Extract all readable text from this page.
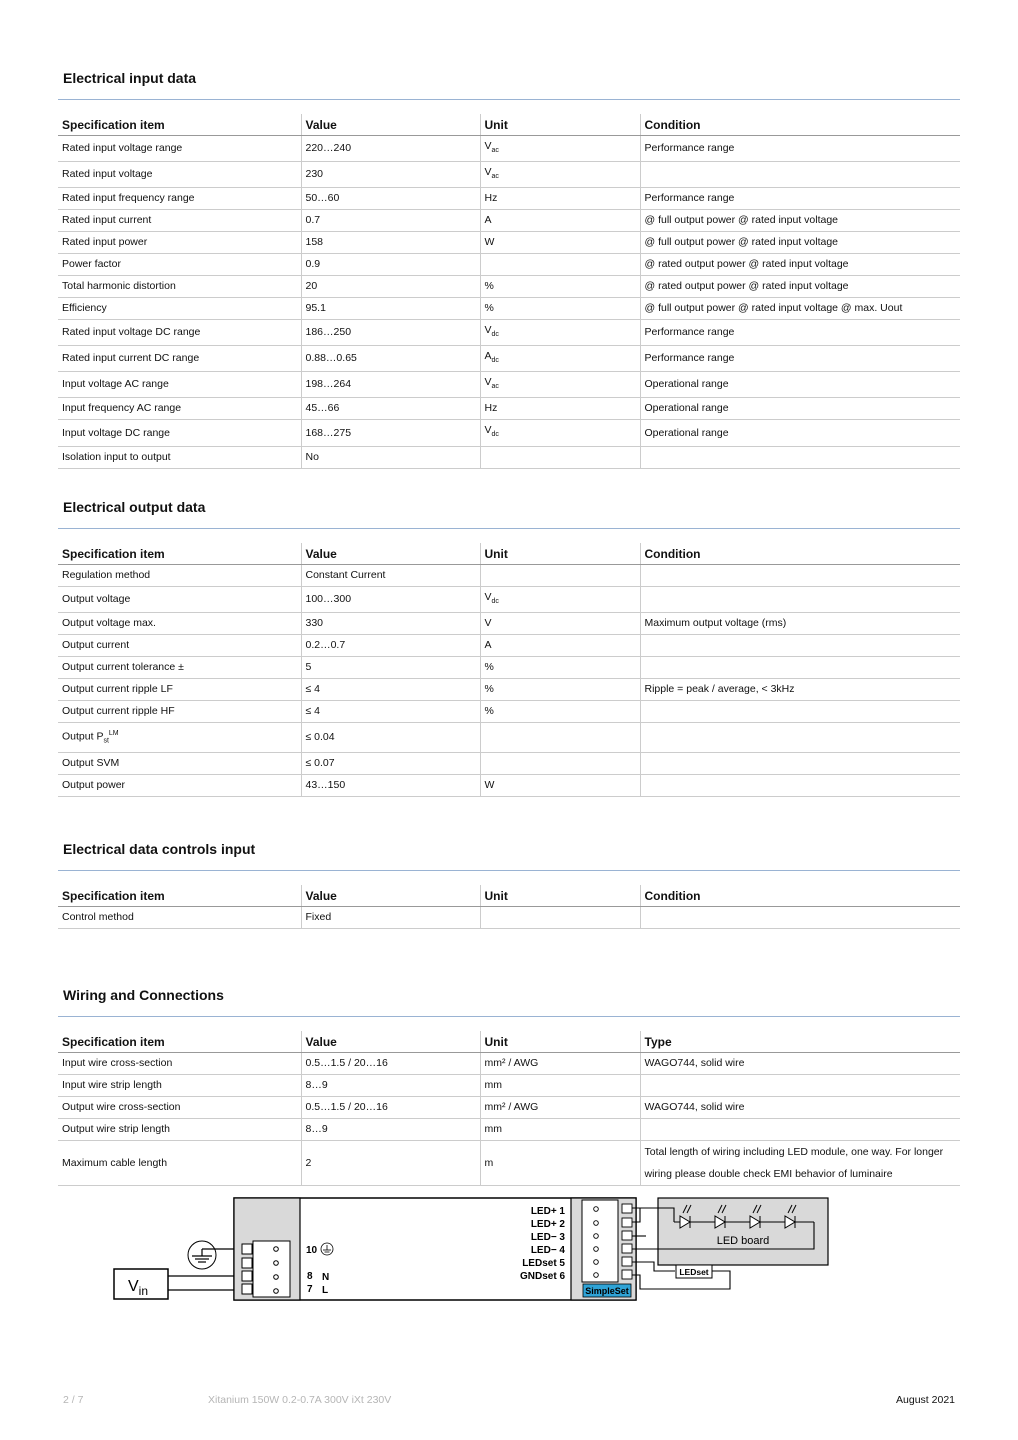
Electrical input data
Specification item	Value	Unit	Condition
Rated input voltage range	220…240	$V_{ac}$	Performance range
Rated input voltage	230	$V_{ac}$	
Rated input frequency range	50…60	Hz	Performance range
Rated input current	0.7	A	@ full output power @ rated input voltage
Rated input power	158	W	@ full output power @ rated input voltage
Power factor	0.9		@ rated output power @ rated input voltage
Total harmonic distortion	20	%	@ rated output power @ rated input voltage
Efficiency	95.1	%	@ full output power @ rated input voltage @ max. Uout
Rated input voltage DC range	186…250	$V_{dc}$	Performance range
Rated input current DC range	0.88…0.65	$A_{dc}$	Performance range
Input voltage AC range	198…264	$V_{ac}$	Operational range
Input frequency AC range	45…66	Hz	Operational range
Input voltage DC range	168…275	$V_{dc}$	Operational range
Isolation input to output	No		
Electrical output data
Specification item	Value	Unit	Condition
Regulation method	Constant Current		
Output voltage	100…300	$V_{dc}$	
Output voltage max.	330	V	Maximum output voltage (rms)
Output current	0.2…0.7	A	
Output current tolerance ±	5	%	
Output current ripple LF	≤ 4	%	Ripple = peak / average, < 3kHz
Output current ripple HF	≤ 4	%	
Output $P_{st}^{LM}$	≤ 0.04		
Output SVM	≤ 0.07		
Output power	43…150	W	
Electrical data controls input
Specification item	Value	Unit	Condition
Control method	Fixed		
Wiring and Connections
Specification item	Value	Unit	Type
Input wire cross-section	0.5…1.5 / 20…16	mm² / AWG	WAGO744, solid wire
Input wire strip length	8…9	mm	
Output wire cross-section	0.5…1.5 / 20…16	mm² / AWG	WAGO744, solid wire
Output wire strip length	8…9	mm	
Maximum cable length	2	m	Total length of wiring including LED module, one way. For longer wiring please double check EMI behavior of luminaire
$V_{in}$
10
8 N
7 L
LED+ 1
LED+ 2
LED− 3
LED− 4
LEDset 5
GNDset 6
SimpleSet
LED board
LEDset
2 / 7	Xitanium 150W 0.2-0.7A 300V iXt 230V	August 2021
